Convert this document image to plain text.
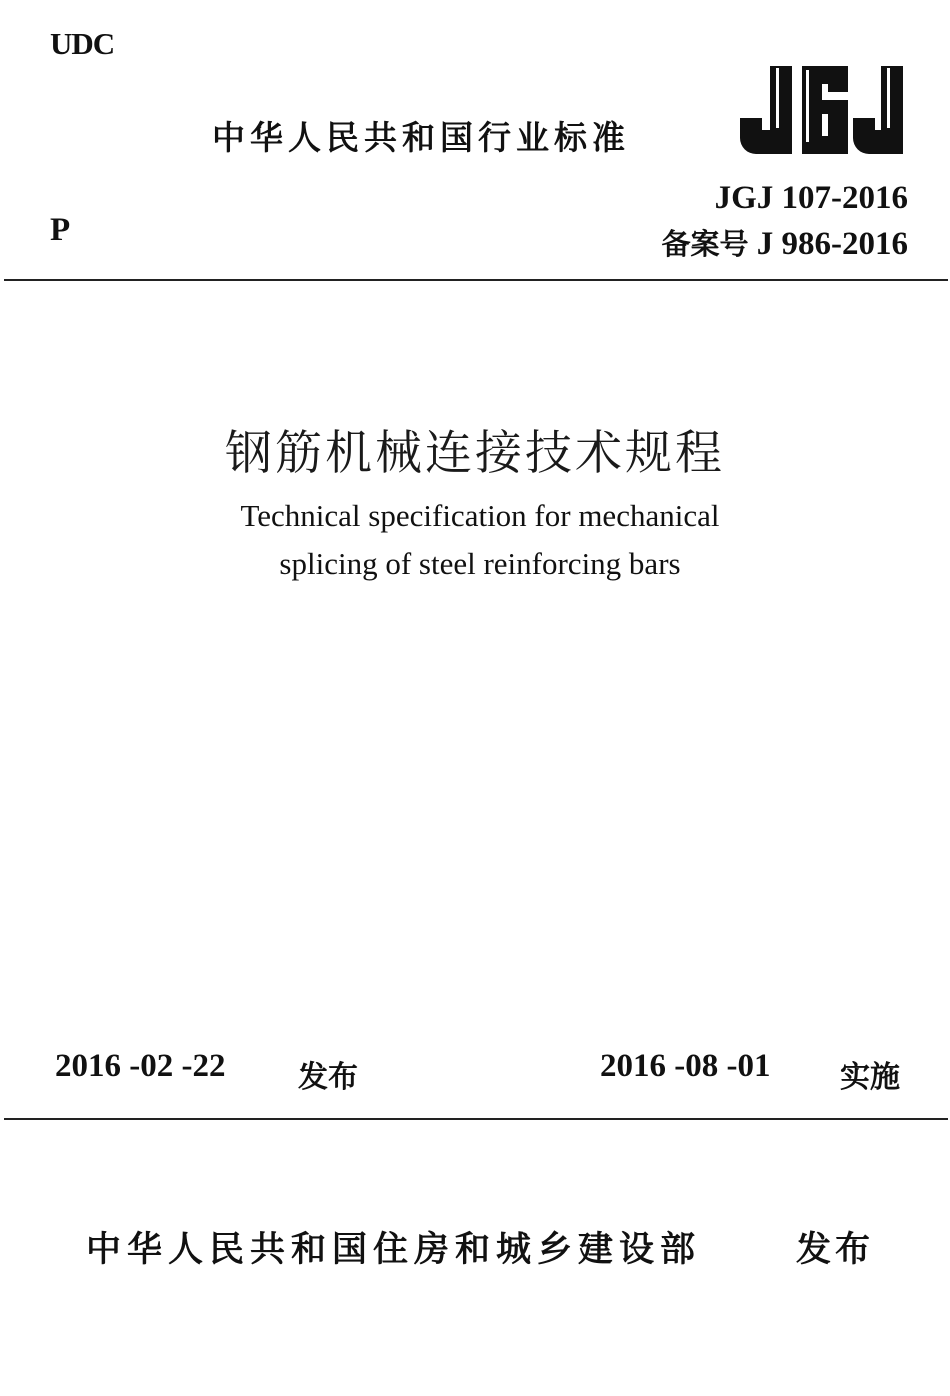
UDC
中华人民共和国行业标准
P
JGJ 107-2016
备案号 J 986-2016
钢筋机械连接技术规程
Technical specification for mechanical
splicing of steel reinforcing bars
2016 -02 -22 发布	2016 -08 -01 实施
中华人民共和国住房和城乡建设部	发布
